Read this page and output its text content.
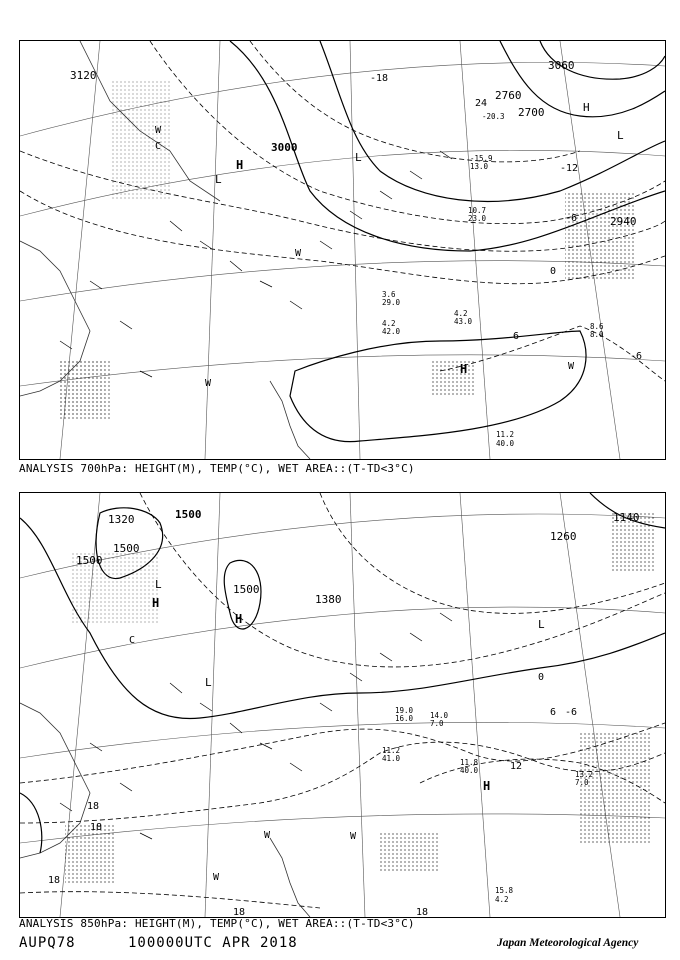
H
L
H
L
H
L
W
W
W
C
W
3120
3000
3060
2760
2940
2700
-18
-12
-6
0
6
-6
11.2
40.0
4.2
43.0
8.6
8.0
3.6
29.0
4.2
42.0
10.7
23.0
-20.3
24
-15.9
13.0
ANALYSIS 700hPa: HEIGHT(M), TEMP(°C), WET AREA::(T-TD<3°C)
H
H
L
L
L
H
C
W	W
W
1500
1500
1500
1380
1320	1140
1260
1500
18
18
18
12
6
0
-6
18	18
15.8
4.2
13.2
7.0
11.8
40.0
11.2
41.0
19.0
16.0 14.0
7.0
ANALYSIS 850hPa: HEIGHT(M), TEMP(°C), WET AREA::(T-TD<3°C)
AUPQ78	100000UTC APR 2018	Japan Meteorological Agency
